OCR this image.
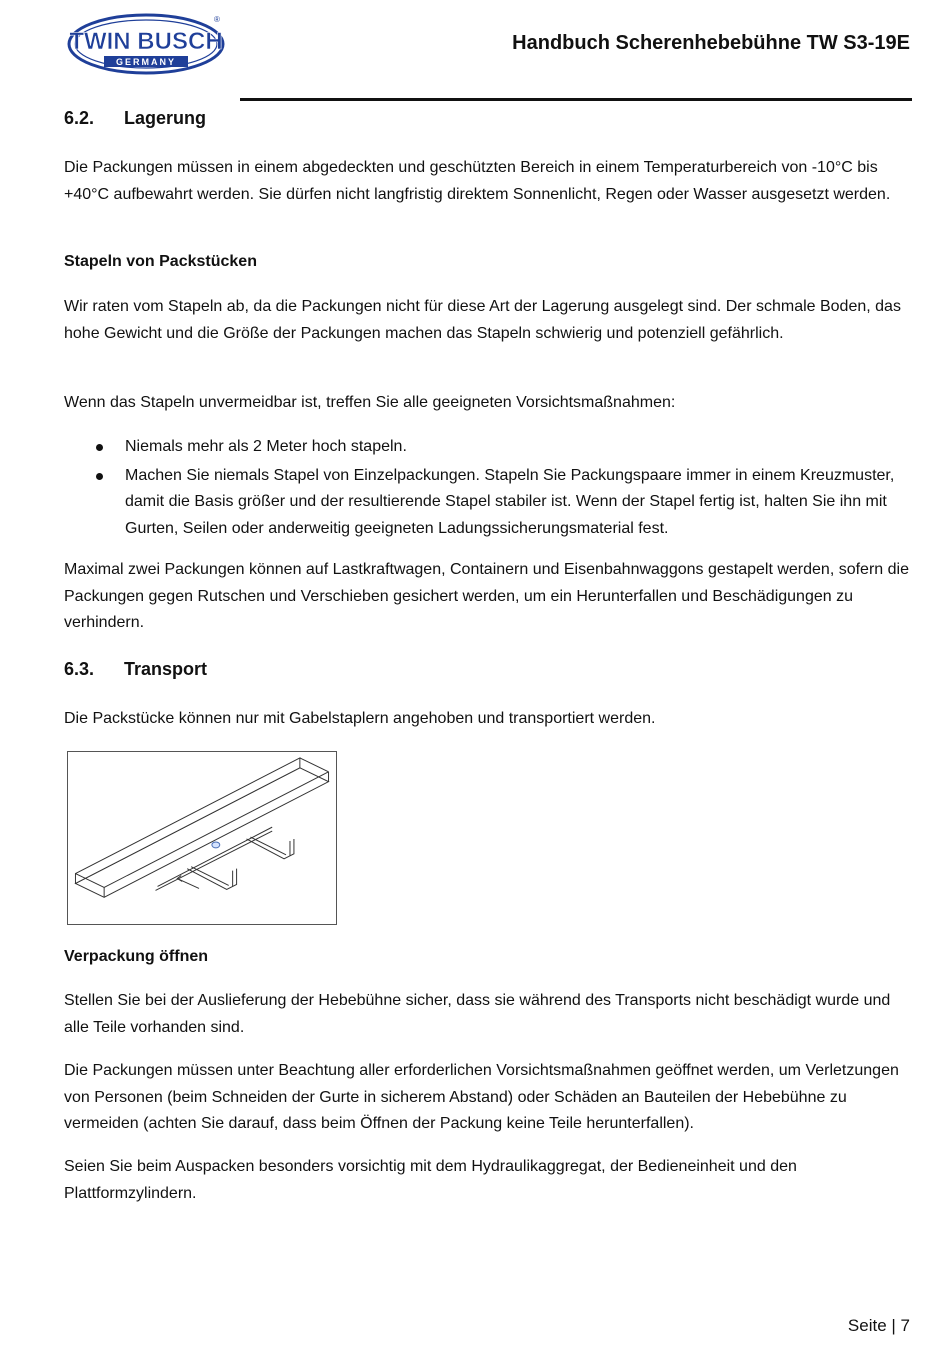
TWIN BUSCH
GERMANY
®
Handbuch Scherenhebebühne TW S3-19E
6.2. Lagerung

Die Packungen müssen in einem abgedeckten und geschützten Bereich in einem Temperaturbereich von -10°C bis +40°C aufbewahrt werden. Sie dürfen nicht langfristig direktem Sonnenlicht, Regen oder Wasser ausgesetzt werden.

Stapeln von Packstücken

Wir raten vom Stapeln ab, da die Packungen nicht für diese Art der Lagerung ausgelegt sind. Der schmale Boden, das hohe Gewicht und die Größe der Packungen machen das Stapeln schwierig und potenziell gefährlich.

Wenn das Stapeln unvermeidbar ist, treffen Sie alle geeigneten Vorsichtsmaßnahmen:

Niemals mehr als 2 Meter hoch stapeln.
Machen Sie niemals Stapel von Einzelpackungen. Stapeln Sie Packungspaare immer in einem Kreuzmuster, damit die Basis größer und der resultierende Stapel stabiler ist. Wenn der Stapel fertig ist, halten Sie ihn mit Gurten, Seilen oder anderweitig geeigneten Ladungssicherungsmaterial fest.

Maximal zwei Packungen können auf Lastkraftwagen, Containern und Eisenbahnwaggons gestapelt werden, sofern die Packungen gegen Rutschen und Verschieben gesichert werden, um ein Herunterfallen und Beschädigungen zu verhindern.

6.3. Transport

Die Packstücke können nur mit Gabelstaplern angehoben und transportiert werden.

Verpackung öffnen

Stellen Sie bei der Auslieferung der Hebebühne sicher, dass sie während des Transports nicht beschädigt wurde und alle Teile vorhanden sind.

Die Packungen müssen unter Beachtung aller erforderlichen Vorsichtsmaßnahmen geöffnet werden, um Verletzungen von Personen (beim Schneiden der Gurte in sicherem Abstand) oder Schäden an Bauteilen der Hebebühne zu vermeiden (achten Sie darauf, dass beim Öffnen der Packung keine Teile herunterfallen).

Seien Sie beim Auspacken besonders vorsichtig mit dem Hydraulikaggregat, der Bedieneinheit und den Plattformzylindern.

Seite | 7
